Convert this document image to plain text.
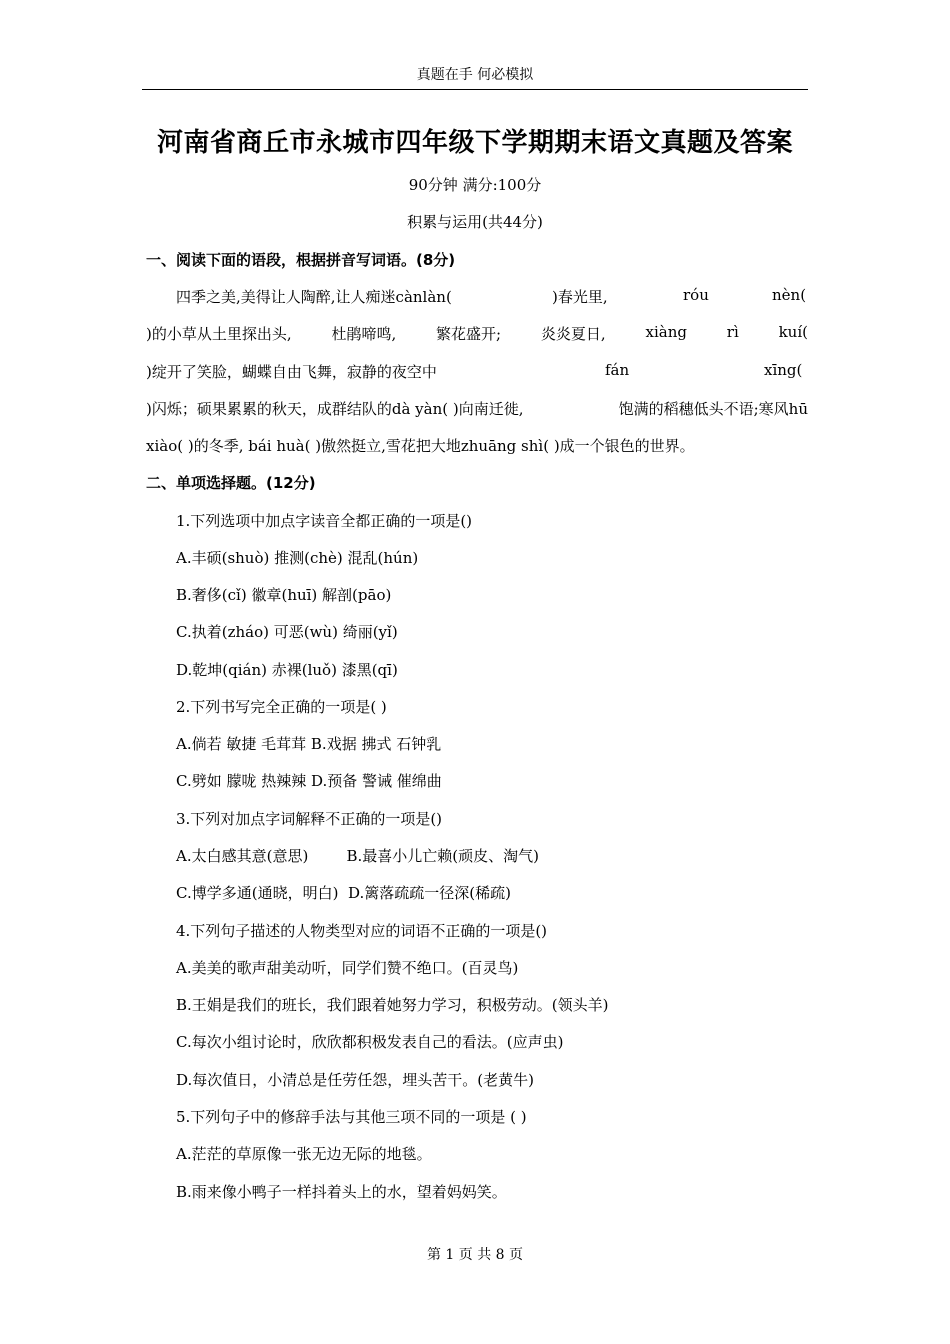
真题在手 何必模拟
河南省商丘市永城市四年级下学期期末语文真题及答案
90分钟 满分:100分
积累与运用(共44分)
一、阅读下面的语段，根据拼音写词语。(8分)
四季之美,美得让人陶醉,让人痴迷cànlàn(	)春光里,	róu	nèn(
)的小草从土里探出头,	杜鹃啼鸣,	繁花盛开;	炎炎夏日,	xiàng	rì	kuí(
)绽开了笑脸，蝴蝶自由飞舞，寂静的夜空中	fán	xīng(
)闪烁；硕果累累的秋天，成群结队的dà yàn( )向南迁徙,	饱满的稻穗低头不语;寒风hū
xiào( )的冬季, bái huà( )傲然挺立,雪花把大地zhuāng shì( )成一个银色的世界。
二、单项选择题。(12分)
1.下列选项中加点字读音全都正确的一项是()
A.丰硕(shuò) 推测(chè) 混乱(hún)
B.奢侈(cǐ) 徽章(huī) 解剖(pāo)
C.执着(zháo) 可恶(wù) 绮丽(yǐ)
D.乾坤(qián) 赤裸(luǒ) 漆黑(qī)
2.下列书写完全正确的一项是( )
A.倘若 敏捷 毛茸茸 B.戏据 拂式 石钟乳
C.劈如 朦咙 热辣辣 D.预备 警诫 催绵曲
3.下列对加点字词解释不正确的一项是()
A.太白感其意(意思)        B.最喜小儿亡赖(顽皮、淘气)
C.博学多通(通晓，明白)  D.篱落疏疏一径深(稀疏)
4.下列句子描述的人物类型对应的词语不正确的一项是()
A.美美的歌声甜美动听，同学们赞不绝口。(百灵鸟)
B.王娟是我们的班长，我们跟着她努力学习，积极劳动。(领头羊)
C.每次小组讨论时，欣欣都积极发表自己的看法。(应声虫)
D.每次值日，小清总是任劳任怨，埋头苦干。(老黄牛)
5.下列句子中的修辞手法与其他三项不同的一项是 ( )
A.茫茫的草原像一张无边无际的地毯。
B.雨来像小鸭子一样抖着头上的水，望着妈妈笑。
第 1 页 共 8 页
